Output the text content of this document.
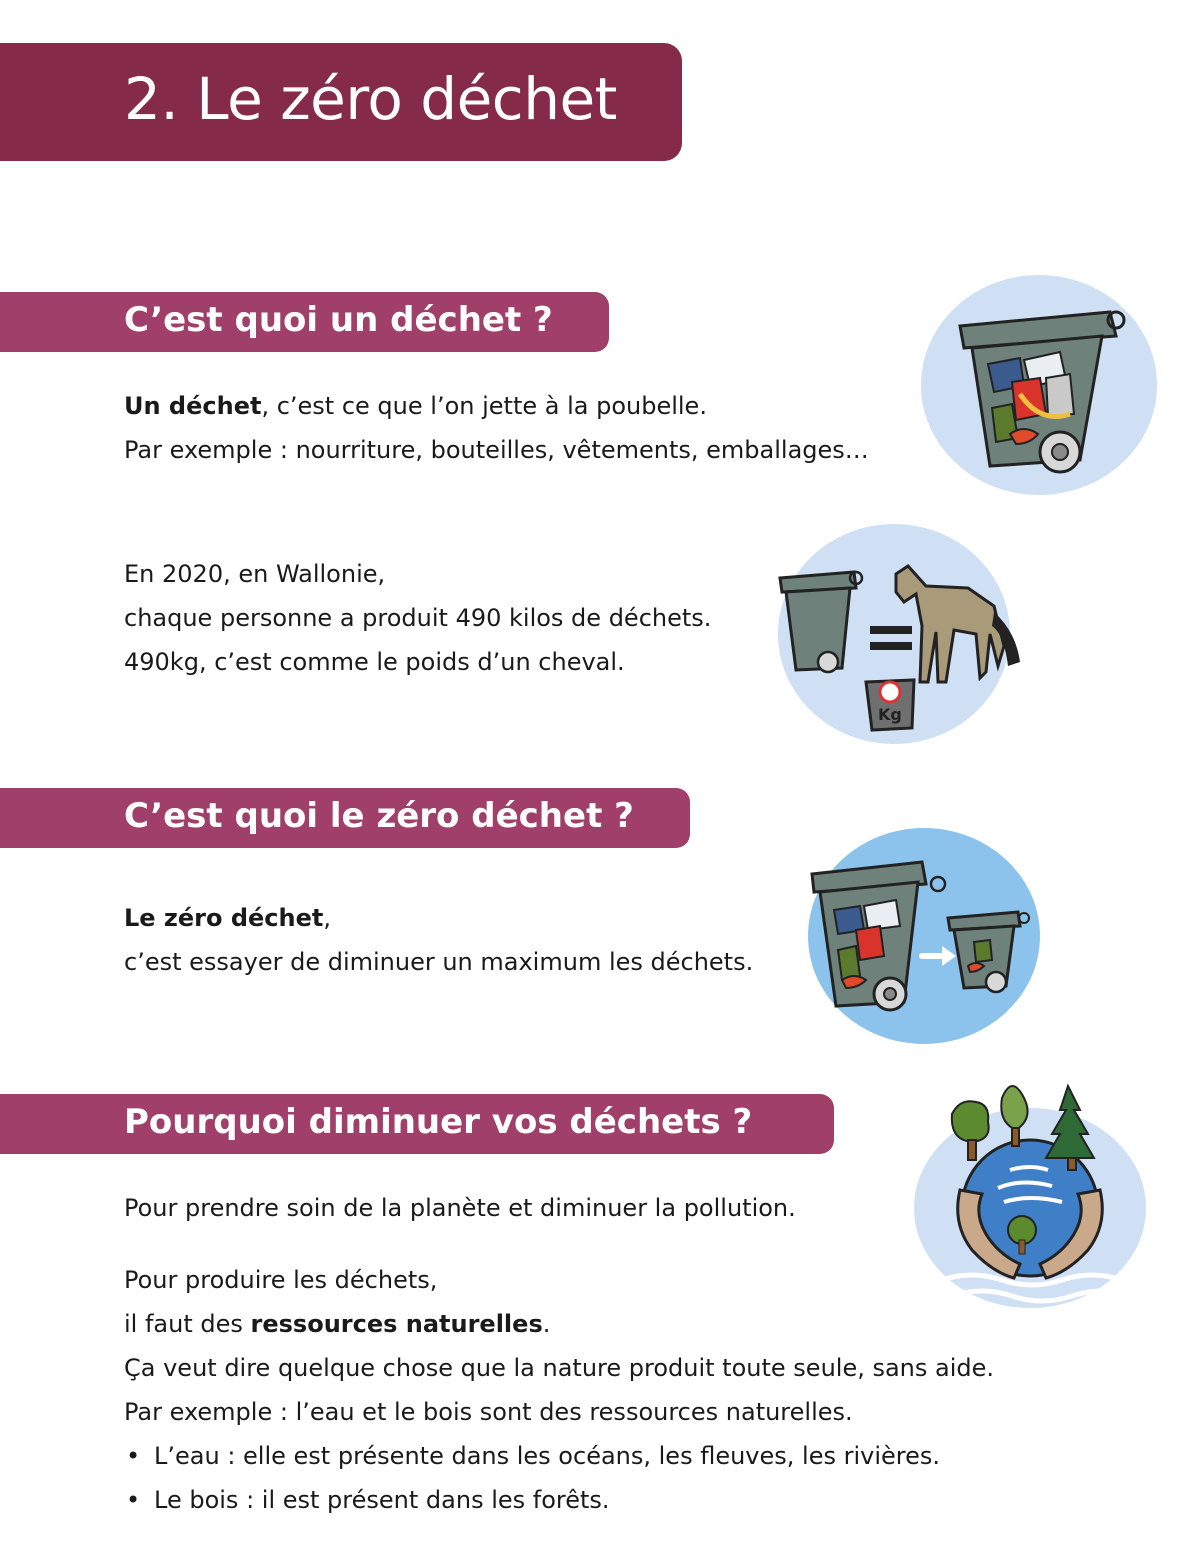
2. Le zéro déchet
C’est quoi un déchet ?

Un déchet, c’est ce que l’on jette à la poubelle.
Par exemple : nourriture, bouteilles, vêtements, emballages…

En 2020, en Wallonie,
chaque personne a produit 490 kilos de déchets.
490kg, c’est comme le poids d’un cheval.

Kg
C’est quoi le zéro déchet ?

Le zéro déchet,
c’est essayer de diminuer un maximum les déchets.

Pourquoi diminuer vos déchets ?

Pour prendre soin de la planète et diminuer la pollution.

Pour produire les déchets,
il faut des ressources naturelles.
Ça veut dire quelque chose que la nature produit toute seule, sans aide.
Par exemple : l’eau et le bois sont des ressources naturelles.

• L’eau : elle est présente dans les océans, les fleuves, les rivières.
• Le bois : il est présent dans les forêts.
